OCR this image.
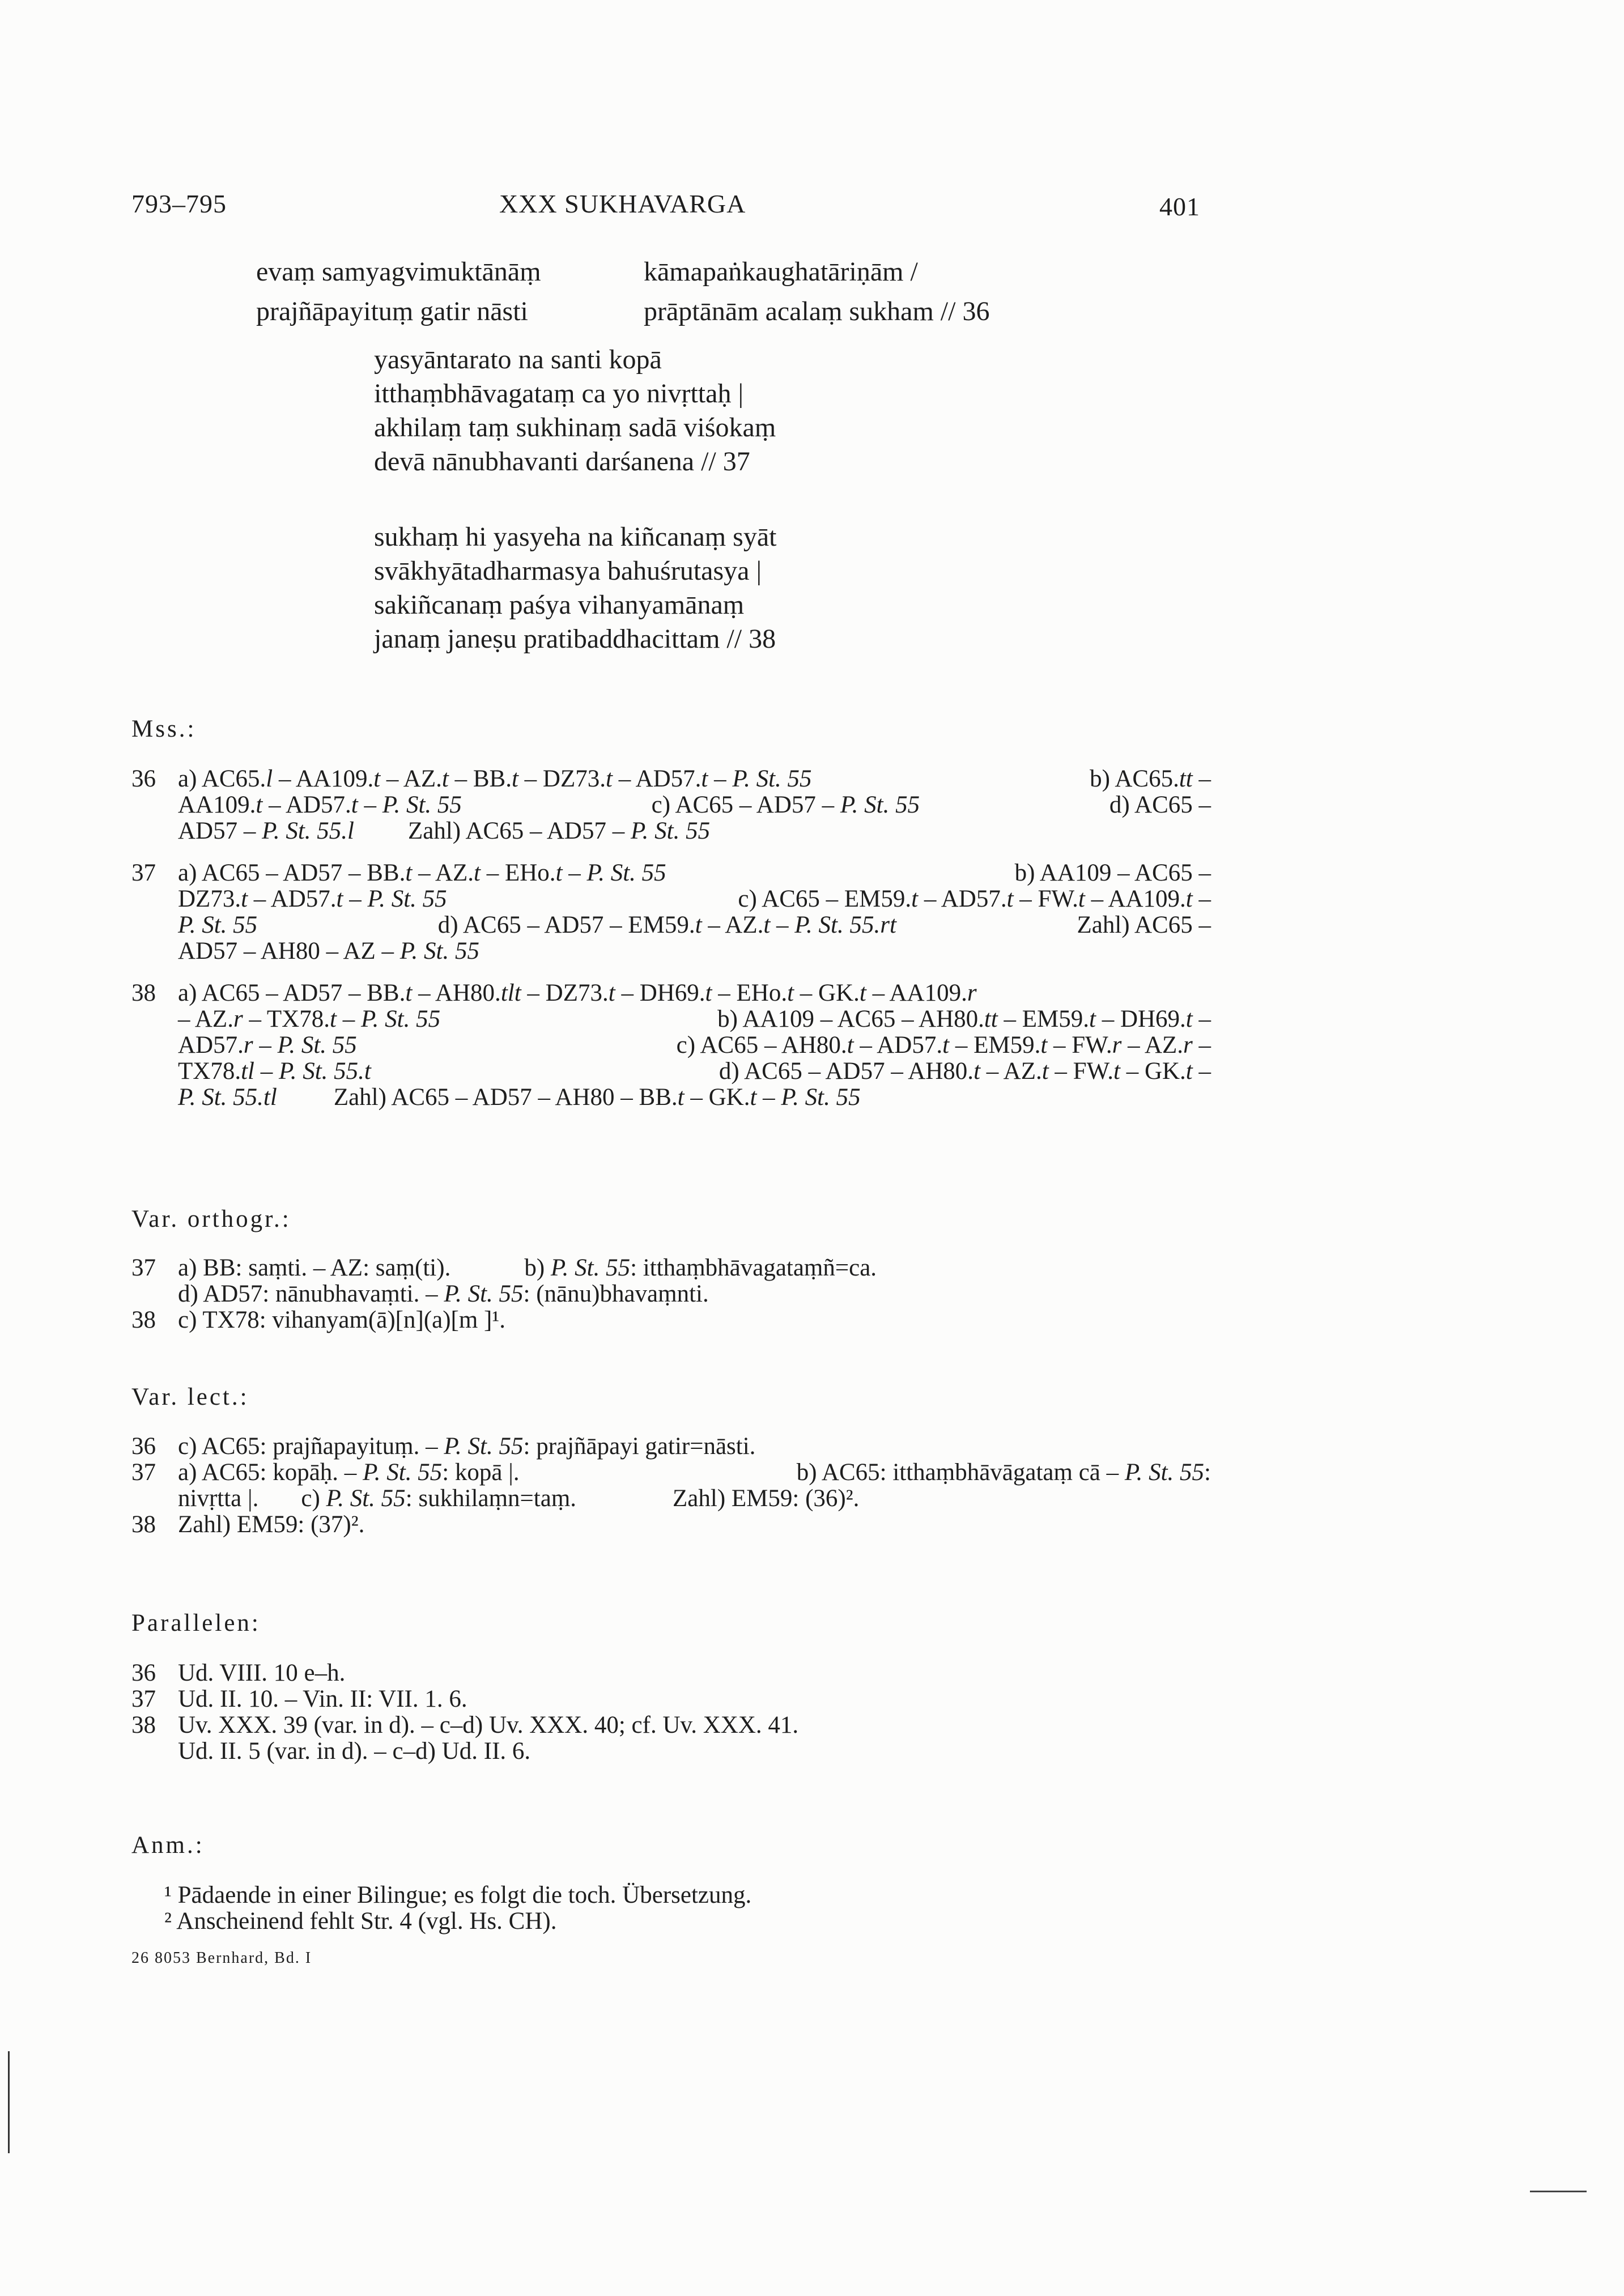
793–795	XXX SUKHAVARGA	401
evaṃ samyagvimuktānāṃ	kāmapaṅkaughatāriṇām /
prajñāpayituṃ gatir nāsti	prāptānām acalaṃ sukham // 36
yasyāntarato na santi kopā
itthaṃbhāvagataṃ ca yo nivṛttaḥ |
akhilaṃ taṃ sukhinaṃ sadā viśokaṃ
devā nānubhavanti darśanena // 37
sukhaṃ hi yasyeha na kiñcanaṃ syāt
svākhyātadharmasya bahuśrutasya |
sakiñcanaṃ paśya vihanyamānaṃ
janaṃ janeṣu pratibaddhacittam // 38
Mss.:
36 a) AC65.l – AA109.t – AZ.t – BB.t – DZ73.t – AD57.t – P. St. 55	b) AC65.tt –
AA109.t – AD57.t – P. St. 55	c) AC65 – AD57 – P. St. 55	d) AC65 –
AD57 – P. St. 55.l Zahl) AC65 – AD57 – P. St. 55
37 a) AC65 – AD57 – BB.t – AZ.t – EHo.t – P. St. 55	b) AA109 – AC65 –
DZ73.t – AD57.t – P. St. 55	c) AC65 – EM59.t – AD57.t – FW.t – AA109.t –
P. St. 55	d) AC65 – AD57 – EM59.t – AZ.t – P. St. 55.rt	Zahl) AC65 –
AD57 – AH80 – AZ – P. St. 55
38 a) AC65 – AD57 – BB.t – AH80.tlt – DZ73.t – DH69.t – EHo.t – GK.t – AA109.r
– AZ.r – TX78.t – P. St. 55	b) AA109 – AC65 – AH80.tt – EM59.t – DH69.t –
AD57.r – P. St. 55	c) AC65 – AH80.t – AD57.t – EM59.t – FW.r – AZ.r –
TX78.tl – P. St. 55.t	d) AC65 – AD57 – AH80.t – AZ.t – FW.t – GK.t –
P. St. 55.tl Zahl) AC65 – AD57 – AH80 – BB.t – GK.t – P. St. 55
Var. orthogr.:
37 a) BB: saṃti. – AZ: saṃ(ti).	b) P. St. 55: itthaṃbhāvagataṃñ=ca.
d) AD57: nānubhavaṃti. – P. St. 55: (nānu)bhavaṃnti.
38 c) TX78: vihanyam(ā)[n](a)[m ]¹.
Var. lect.:
36 c) AC65: prajñapayituṃ. – P. St. 55: prajñāpayi gatir=nāsti.
37 a) AC65: kopāḥ. – P. St. 55: kopā |.	b) AC65: itthaṃbhāvāgataṃ cā – P. St. 55:
nivṛtta |. c) P. St. 55: sukhilaṃn=taṃ.	Zahl) EM59: (36)².
38 Zahl) EM59: (37)².
Parallelen:
36 Ud. VIII. 10 e–h.
37 Ud. II. 10. – Vin. II: VII. 1. 6.
38 Uv. XXX. 39 (var. in d). – c–d) Uv. XXX. 40; cf. Uv. XXX. 41.
Ud. II. 5 (var. in d). – c–d) Ud. II. 6.
Anm.:
¹ Pādaende in einer Bilingue; es folgt die toch. Übersetzung.
² Anscheinend fehlt Str. 4 (vgl. Hs. CH).
26 8053 Bernhard, Bd. I
